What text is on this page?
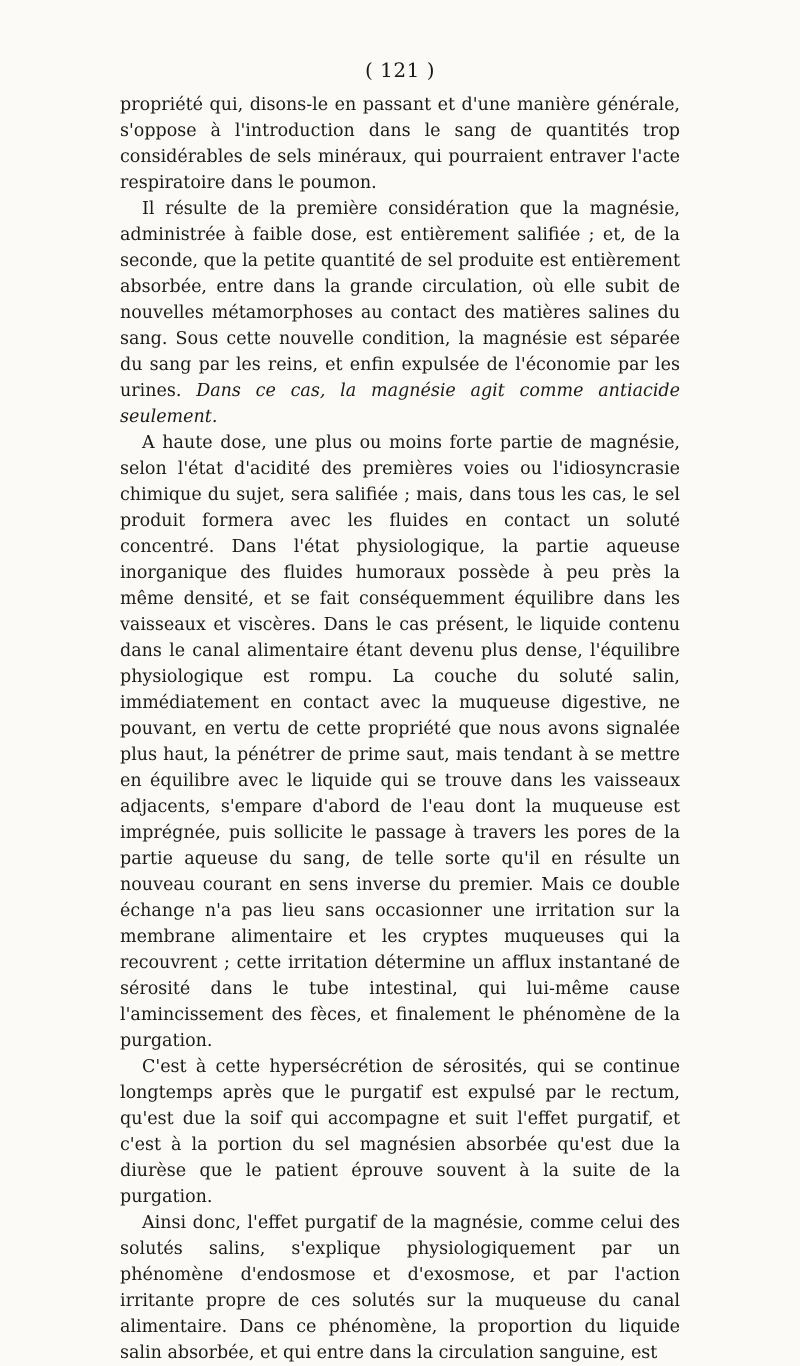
( 121 )

propriété qui, disons-le en passant et d'une manière générale, s'oppose à l'introduction dans le sang de quantités trop considérables de sels minéraux, qui pourraient entraver l'acte respiratoire dans le poumon.

Il résulte de la première considération que la magnésie, administrée à faible dose, est entièrement salifiée ; et, de la seconde, que la petite quantité de sel produite est entièrement absorbée, entre dans la grande circulation, où elle subit de nouvelles métamorphoses au contact des matières salines du sang. Sous cette nouvelle condition, la magnésie est séparée du sang par les reins, et enfin expulsée de l'économie par les urines. Dans ce cas, la magnésie agit comme antiacide seulement.

A haute dose, une plus ou moins forte partie de magnésie, selon l'état d'acidité des premières voies ou l'idiosyncrasie chimique du sujet, sera salifiée ; mais, dans tous les cas, le sel produit formera avec les fluides en contact un soluté concentré. Dans l'état physiologique, la partie aqueuse inorganique des fluides humoraux possède à peu près la même densité, et se fait conséquemment équilibre dans les vaisseaux et viscères. Dans le cas présent, le liquide contenu dans le canal alimentaire étant devenu plus dense, l'équilibre physiologique est rompu. La couche du soluté salin, immédiatement en contact avec la muqueuse digestive, ne pouvant, en vertu de cette propriété que nous avons signalée plus haut, la pénétrer de prime saut, mais tendant à se mettre en équilibre avec le liquide qui se trouve dans les vaisseaux adjacents, s'empare d'abord de l'eau dont la muqueuse est imprégnée, puis sollicite le passage à travers les pores de la partie aqueuse du sang, de telle sorte qu'il en résulte un nouveau courant en sens inverse du premier. Mais ce double échange n'a pas lieu sans occasionner une irritation sur la membrane alimentaire et les cryptes muqueuses qui la recouvrent ; cette irritation détermine un afflux instantané de sérosité dans le tube intestinal, qui lui-même cause l'amincissement des fèces, et finalement le phénomène de la purgation.

C'est à cette hypersécrétion de sérosités, qui se continue longtemps après que le purgatif est expulsé par le rectum, qu'est due la soif qui accompagne et suit l'effet purgatif, et c'est à la portion du sel magnésien absorbée qu'est due la diurèse que le patient éprouve souvent à la suite de la purgation.

Ainsi donc, l'effet purgatif de la magnésie, comme celui des solutés salins, s'explique physiologiquement par un phénomène d'endosmose et d'exosmose, et par l'action irritante propre de ces solutés sur la muqueuse du canal alimentaire. Dans ce phénomène, la proportion du liquide salin absorbée, et qui entre dans la circulation sanguine, est
